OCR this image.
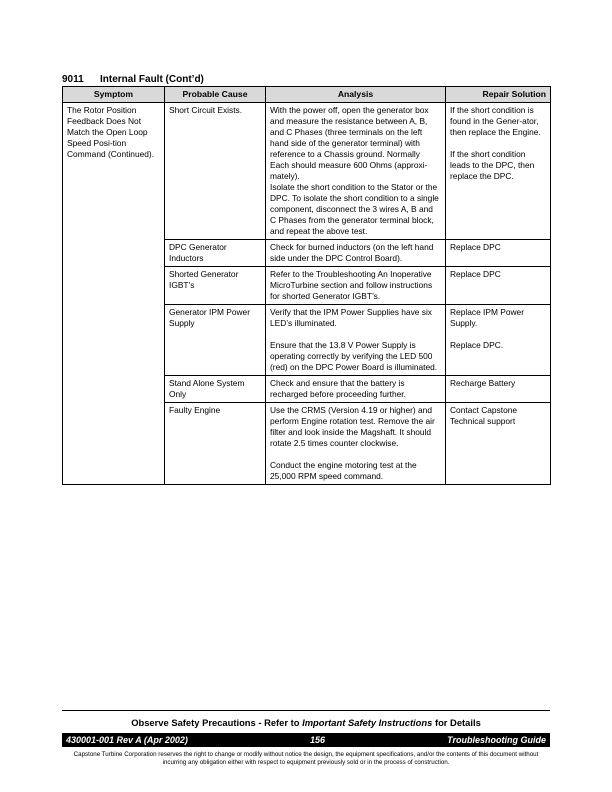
9011 Internal Fault (Cont’d)
Symptom	Probable Cause	Analysis	Repair Solution
The Rotor Position Feedback Does Not Match the Open Loop Speed Posi-tion Command (Continued).	Short Circuit Exists.	With the power off, open the generator box and measure the resistance between A, B, and C Phases (three terminals on the left hand side of the generator terminal) with reference to a Chassis ground. Normally Each should measure 600 Ohms (approxi-mately).
Isolate the short condition to the Stator or the DPC. To isolate the short condition to a single component, disconnect the 3 wires A, B and C Phases from the generator terminal block, and repeat the above test.	If the short condition is found in the Gener-ator, then replace the Engine.

If the short condition leads to the DPC, then replace the DPC.
	DPC Generator Inductors	Check for burned inductors (on the left hand side under the DPC Control Board).	Replace DPC
	Shorted Generator IGBT’s	Refer to the Troubleshooting An Inoperative MicroTurbine section and follow instructions for shorted Generator IGBT’s.	Replace DPC
	Generator IPM Power Supply	Verify that the IPM Power Supplies have six LED’s illuminated.

Ensure that the 13.8 V Power Supply is operating correctly by verifying the LED 500 (red) on the DPC Power Board is illuminated.	Replace IPM Power Supply.

Replace DPC.
	Stand Alone System Only	Check and ensure that the battery is recharged before proceeding further.	Recharge Battery
	Faulty Engine	Use the CRMS (Version 4.19 or higher) and perform Engine rotation test. Remove the air filter and look inside the Magshaft. It should rotate 2.5 times counter clockwise.

Conduct the engine motoring test at the 25,000 RPM speed command.	Contact Capstone Technical support
Observe Safety Precautions - Refer to Important Safety Instructions for Details
430001-001 Rev A (Apr 2002)	156	Troubleshooting Guide
Capstone Turbine Corporation reserves the right to change or modify without notice the design, the equipment specifications, and/or the contents of this document without incurring any obligation either with respect to equipment previously sold or in the process of construction.
